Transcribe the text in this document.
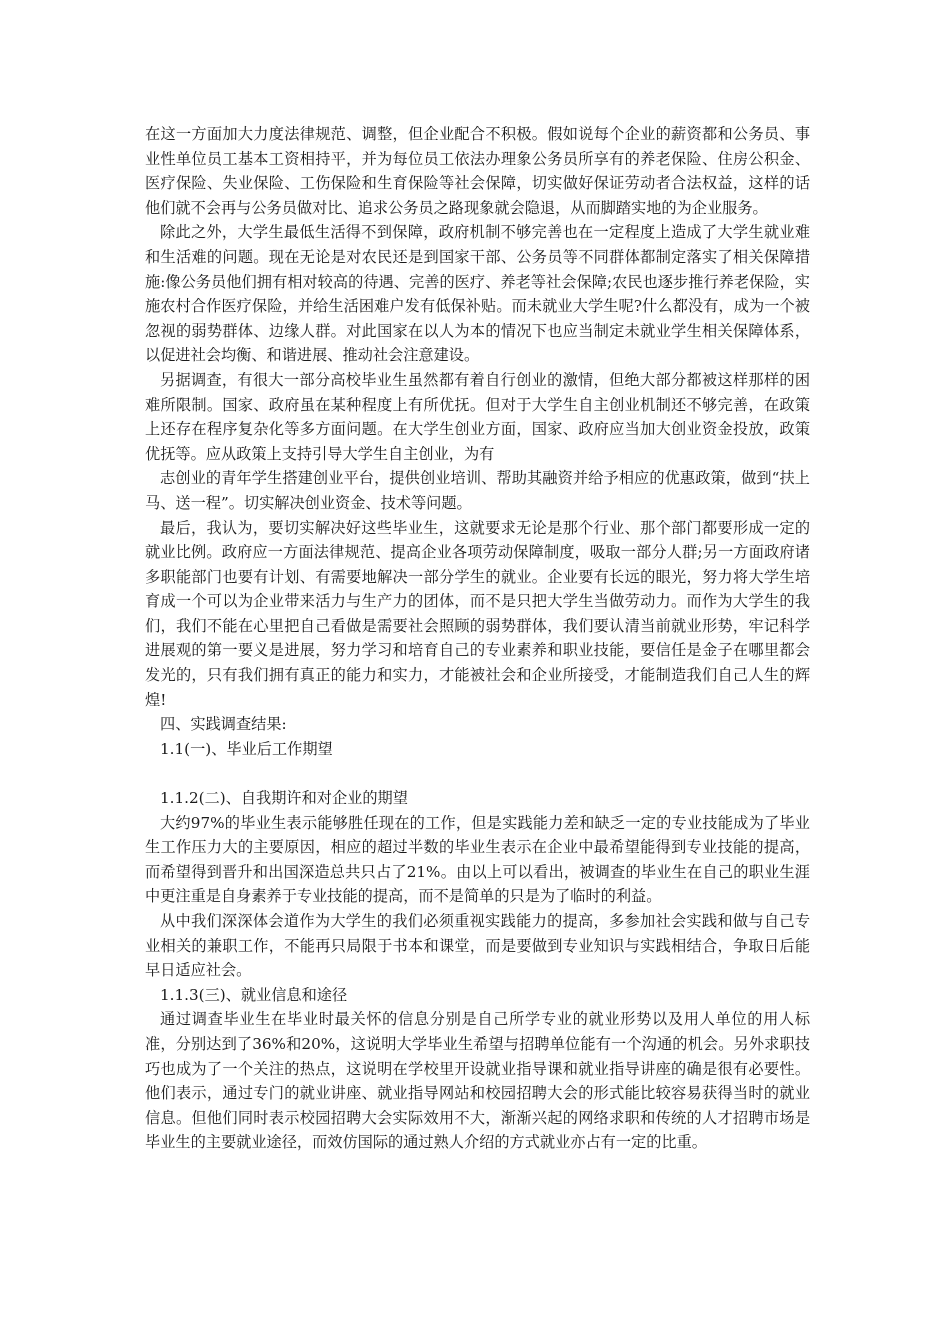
在这一方面加大力度法律规范、调整，但企业配合不积极。假如说每个企业的薪资都和公务员、事业性单位员工基本工资相持平，并为每位员工依法办理象公务员所享有的养老保险、住房公积金、医疗保险、失业保险、工伤保险和生育保险等社会保障，切实做好保证劳动者合法权益，这样的话他们就不会再与公务员做对比、追求公务员之路现象就会隐退，从而脚踏实地的为企业服务。

除此之外，大学生最低生活得不到保障，政府机制不够完善也在一定程度上造成了大学生就业难和生活难的问题。现在无论是对农民还是到国家干部、公务员等不同群体都制定落实了相关保障措施:像公务员他们拥有相对较高的待遇、完善的医疗、养老等社会保障;农民也逐步推行养老保险，实施农村合作医疗保险，并给生活困难户发有低保补贴。而未就业大学生呢?什么都没有，成为一个被忽视的弱势群体、边缘人群。对此国家在以人为本的情况下也应当制定未就业学生相关保障体系，以促进社会均衡、和谐进展、推动社会注意建设。

另据调查，有很大一部分高校毕业生虽然都有着自行创业的激情，但绝大部分都被这样那样的困难所限制。国家、政府虽在某种程度上有所优抚。但对于大学生自主创业机制还不够完善，在政策上还存在程序复杂化等多方面问题。在大学生创业方面，国家、政府应当加大创业资金投放，政策优抚等。应从政策上支持引导大学生自主创业，为有

志创业的青年学生搭建创业平台，提供创业培训、帮助其融资并给予相应的优惠政策，做到“扶上马、送一程”。切实解决创业资金、技术等问题。

最后，我认为，要切实解决好这些毕业生，这就要求无论是那个行业、那个部门都要形成一定的就业比例。政府应一方面法律规范、提高企业各项劳动保障制度，吸取一部分人群;另一方面政府诸多职能部门也要有计划、有需要地解决一部分学生的就业。企业要有长远的眼光，努力将大学生培育成一个可以为企业带来活力与生产力的团体，而不是只把大学生当做劳动力。而作为大学生的我们，我们不能在心里把自己看做是需要社会照顾的弱势群体，我们要认清当前就业形势，牢记科学进展观的第一要义是进展，努力学习和培育自己的专业素养和职业技能，要信任是金子在哪里都会发光的，只有我们拥有真正的能力和实力，才能被社会和企业所接受，才能制造我们自己人生的辉煌!

四、实践调查结果:

1.1(一)、毕业后工作期望

1.1.2(二)、自我期许和对企业的期望

大约97%的毕业生表示能够胜任现在的工作，但是实践能力差和缺乏一定的专业技能成为了毕业生工作压力大的主要原因，相应的超过半数的毕业生表示在企业中最希望能得到专业技能的提高，而希望得到晋升和出国深造总共只占了21%。由以上可以看出，被调查的毕业生在自己的职业生涯中更注重是自身素养于专业技能的提高，而不是简单的只是为了临时的利益。

从中我们深深体会道作为大学生的我们必须重视实践能力的提高，多参加社会实践和做与自己专业相关的兼职工作，不能再只局限于书本和课堂，而是要做到专业知识与实践相结合，争取日后能早日适应社会。

1.1.3(三)、就业信息和途径

通过调查毕业生在毕业时最关怀的信息分别是自己所学专业的就业形势以及用人单位的用人标准，分别达到了36%和20%，这说明大学毕业生希望与招聘单位能有一个沟通的机会。另外求职技巧也成为了一个关注的热点，这说明在学校里开设就业指导课和就业指导讲座的确是很有必要性。他们表示，通过专门的就业讲座、就业指导网站和校园招聘大会的形式能比较容易获得当时的就业信息。但他们同时表示校园招聘大会实际效用不大，渐渐兴起的网络求职和传统的人才招聘市场是毕业生的主要就业途径，而效仿国际的通过熟人介绍的方式就业亦占有一定的比重。
